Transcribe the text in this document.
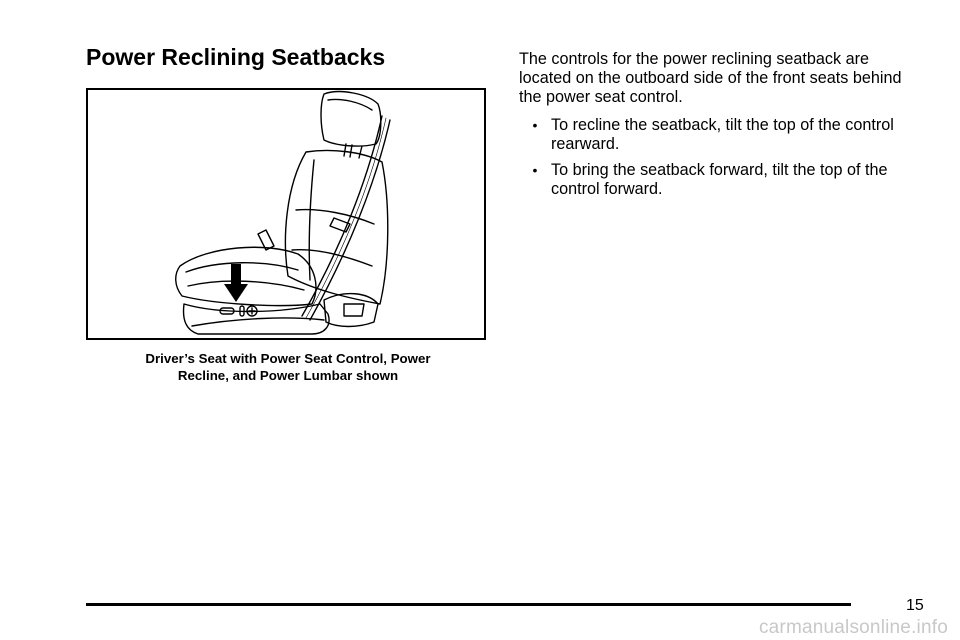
Power Reclining Seatbacks
Driver’s Seat with Power Seat Control, Power
Recline, and Power Lumbar shown

The controls for the power reclining seatback are located on the outboard side of the front seats behind the power seat control.

• To recline the seatback, tilt the top of the control rearward.
• To bring the seatback forward, tilt the top of the control forward.
15
carmanualsonline.info
